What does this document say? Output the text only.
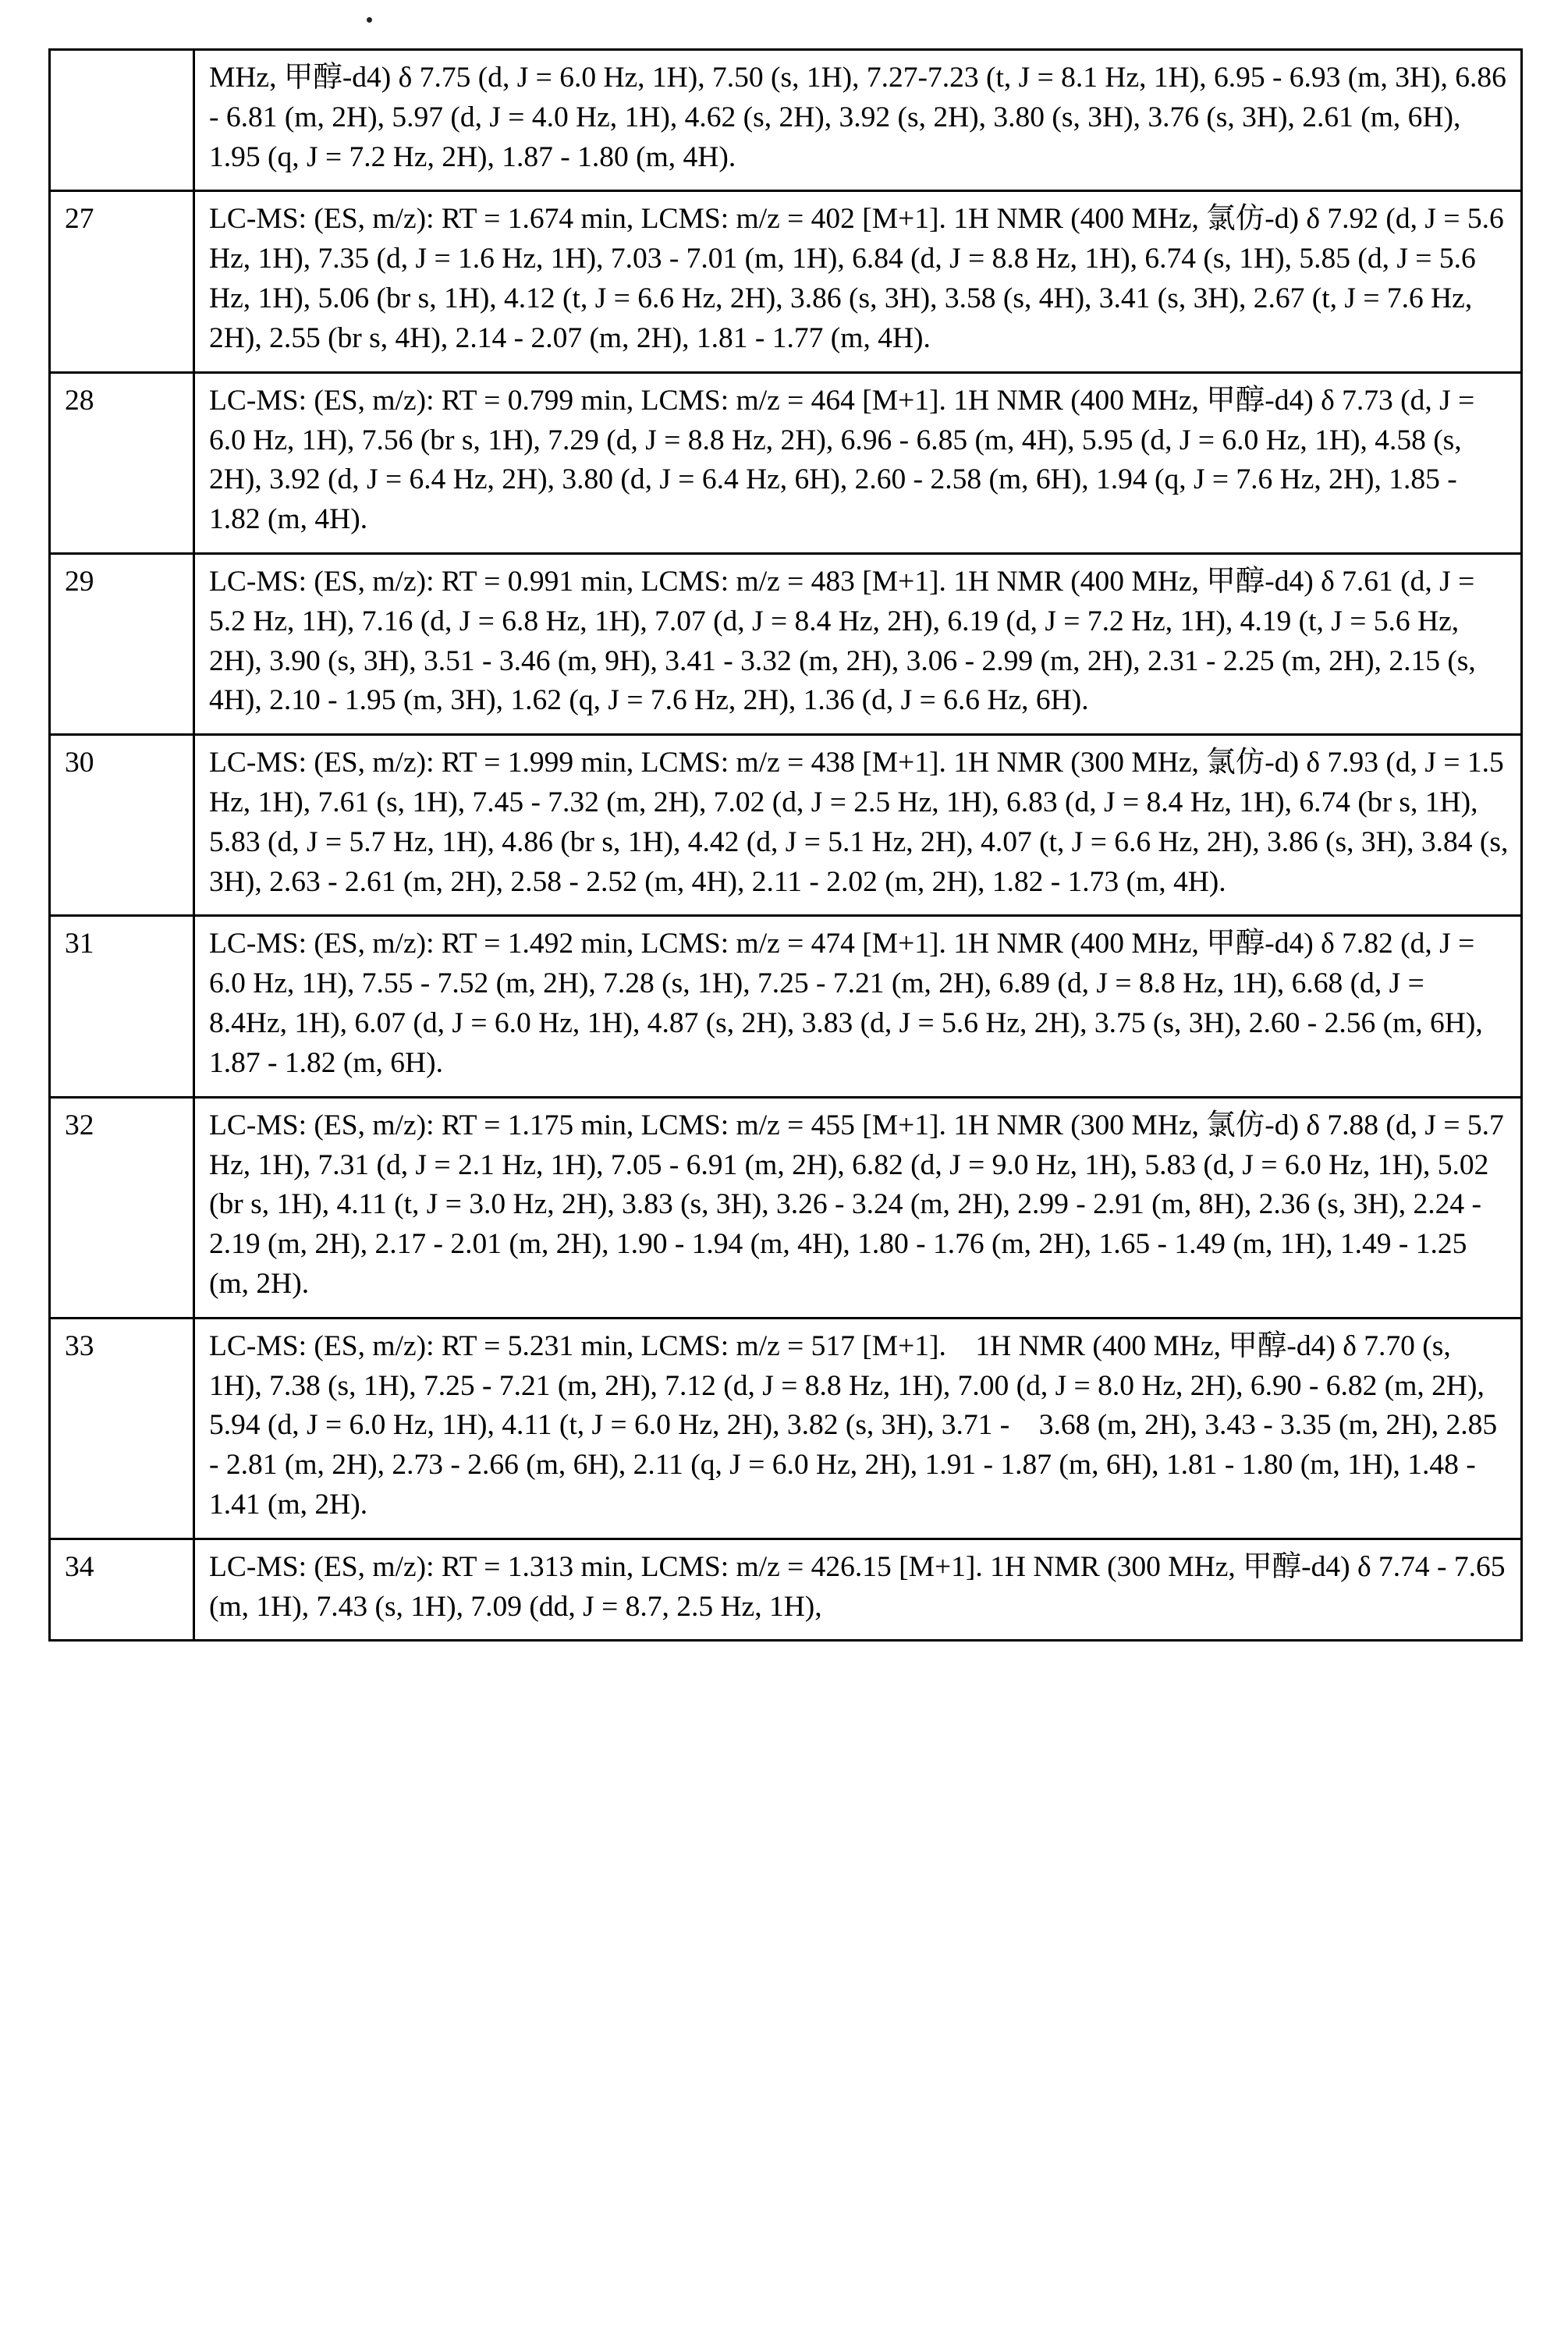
	MHz, 甲醇-d4) δ 7.75 (d, J = 6.0 Hz, 1H), 7.50 (s, 1H), 7.27-7.23 (t, J = 8.1 Hz, 1H), 6.95 - 6.93 (m, 3H), 6.86 - 6.81 (m, 2H), 5.97 (d, J = 4.0 Hz, 1H), 4.62 (s, 2H), 3.92 (s, 2H), 3.80 (s, 3H), 3.76 (s, 3H), 2.61 (m, 6H), 1.95 (q, J = 7.2 Hz, 2H), 1.87 - 1.80 (m, 4H).
27	LC-MS: (ES, m/z): RT = 1.674 min, LCMS: m/z = 402 [M+1]. 1H NMR (400 MHz, 氯仿-d) δ 7.92 (d, J = 5.6 Hz, 1H), 7.35 (d, J = 1.6 Hz, 1H), 7.03 - 7.01 (m, 1H), 6.84 (d, J = 8.8 Hz, 1H), 6.74 (s, 1H), 5.85 (d, J = 5.6 Hz, 1H), 5.06 (br s, 1H), 4.12 (t, J = 6.6 Hz, 2H), 3.86 (s, 3H), 3.58 (s, 4H), 3.41 (s, 3H), 2.67 (t, J = 7.6 Hz, 2H), 2.55 (br s, 4H), 2.14 - 2.07 (m, 2H), 1.81 - 1.77 (m, 4H).
28	LC-MS: (ES, m/z): RT = 0.799 min, LCMS: m/z = 464 [M+1]. 1H NMR (400 MHz, 甲醇-d4) δ 7.73 (d, J = 6.0 Hz, 1H), 7.56 (br s, 1H), 7.29 (d, J = 8.8 Hz, 2H), 6.96 - 6.85 (m, 4H), 5.95 (d, J = 6.0 Hz, 1H), 4.58 (s, 2H), 3.92 (d, J = 6.4 Hz, 2H), 3.80 (d, J = 6.4 Hz, 6H), 2.60 - 2.58 (m, 6H), 1.94 (q, J = 7.6 Hz, 2H), 1.85 - 1.82 (m, 4H).
29	LC-MS: (ES, m/z): RT = 0.991 min, LCMS: m/z = 483 [M+1]. 1H NMR (400 MHz, 甲醇-d4) δ 7.61 (d, J = 5.2 Hz, 1H), 7.16 (d, J = 6.8 Hz, 1H), 7.07 (d, J = 8.4 Hz, 2H), 6.19 (d, J = 7.2 Hz, 1H), 4.19 (t, J = 5.6 Hz, 2H), 3.90 (s, 3H), 3.51 - 3.46 (m, 9H), 3.41 - 3.32 (m, 2H), 3.06 - 2.99 (m, 2H), 2.31 - 2.25 (m, 2H), 2.15 (s, 4H), 2.10 - 1.95 (m, 3H), 1.62 (q, J = 7.6 Hz, 2H), 1.36 (d, J = 6.6 Hz, 6H).
30	LC-MS: (ES, m/z): RT = 1.999 min, LCMS: m/z = 438 [M+1]. 1H NMR (300 MHz, 氯仿-d) δ 7.93 (d, J = 1.5 Hz, 1H), 7.61 (s, 1H), 7.45 - 7.32 (m, 2H), 7.02 (d, J = 2.5 Hz, 1H), 6.83 (d, J = 8.4 Hz, 1H), 6.74 (br s, 1H), 5.83 (d, J = 5.7 Hz, 1H), 4.86 (br s, 1H), 4.42 (d, J = 5.1 Hz, 2H), 4.07 (t, J = 6.6 Hz, 2H), 3.86 (s, 3H), 3.84 (s, 3H), 2.63 - 2.61 (m, 2H), 2.58 - 2.52 (m, 4H), 2.11 - 2.02 (m, 2H), 1.82 - 1.73 (m, 4H).
31	LC-MS: (ES, m/z): RT = 1.492 min, LCMS: m/z = 474 [M+1]. 1H NMR (400 MHz, 甲醇-d4) δ 7.82 (d, J = 6.0 Hz, 1H), 7.55 - 7.52 (m, 2H), 7.28 (s, 1H), 7.25 - 7.21 (m, 2H), 6.89 (d, J = 8.8 Hz, 1H), 6.68 (d, J = 8.4Hz, 1H), 6.07 (d, J = 6.0 Hz, 1H), 4.87 (s, 2H), 3.83 (d, J = 5.6 Hz, 2H), 3.75 (s, 3H), 2.60 - 2.56 (m, 6H), 1.87 - 1.82 (m, 6H).
32	LC-MS: (ES, m/z): RT = 1.175 min, LCMS: m/z = 455 [M+1]. 1H NMR (300 MHz, 氯仿-d) δ 7.88 (d, J = 5.7 Hz, 1H), 7.31 (d, J = 2.1 Hz, 1H), 7.05 - 6.91 (m, 2H), 6.82 (d, J = 9.0 Hz, 1H), 5.83 (d, J = 6.0 Hz, 1H), 5.02 (br s, 1H), 4.11 (t, J = 3.0 Hz, 2H), 3.83 (s, 3H), 3.26 - 3.24 (m, 2H), 2.99 - 2.91 (m, 8H), 2.36 (s, 3H), 2.24 - 2.19 (m, 2H), 2.17 - 2.01 (m, 2H), 1.90 - 1.94 (m, 4H), 1.80 - 1.76 (m, 2H), 1.65 - 1.49 (m, 1H), 1.49 - 1.25 (m, 2H).

33	LC-MS: (ES, m/z): RT = 5.231 min, LCMS: m/z = 517 [M+1].    1H NMR (400 MHz, 甲醇-d4) δ 7.70 (s, 1H), 7.38 (s, 1H), 7.25 - 7.21 (m, 2H), 7.12 (d, J = 8.8 Hz, 1H), 7.00 (d, J = 8.0 Hz, 2H), 6.90 - 6.82 (m, 2H), 5.94 (d, J = 6.0 Hz, 1H), 4.11 (t, J = 6.0 Hz, 2H), 3.82 (s, 3H), 3.71 -    3.68 (m, 2H), 3.43 - 3.35 (m, 2H), 2.85 - 2.81 (m, 2H), 2.73 - 2.66 (m, 6H), 2.11 (q, J = 6.0 Hz, 2H), 1.91 - 1.87 (m, 6H), 1.81 - 1.80 (m, 1H), 1.48 - 1.41 (m, 2H).
34	LC-MS: (ES, m/z): RT = 1.313 min, LCMS: m/z = 426.15 [M+1]. 1H NMR (300 MHz, 甲醇-d4) δ 7.74 - 7.65 (m, 1H), 7.43 (s, 1H), 7.09 (dd, J = 8.7, 2.5 Hz, 1H),
